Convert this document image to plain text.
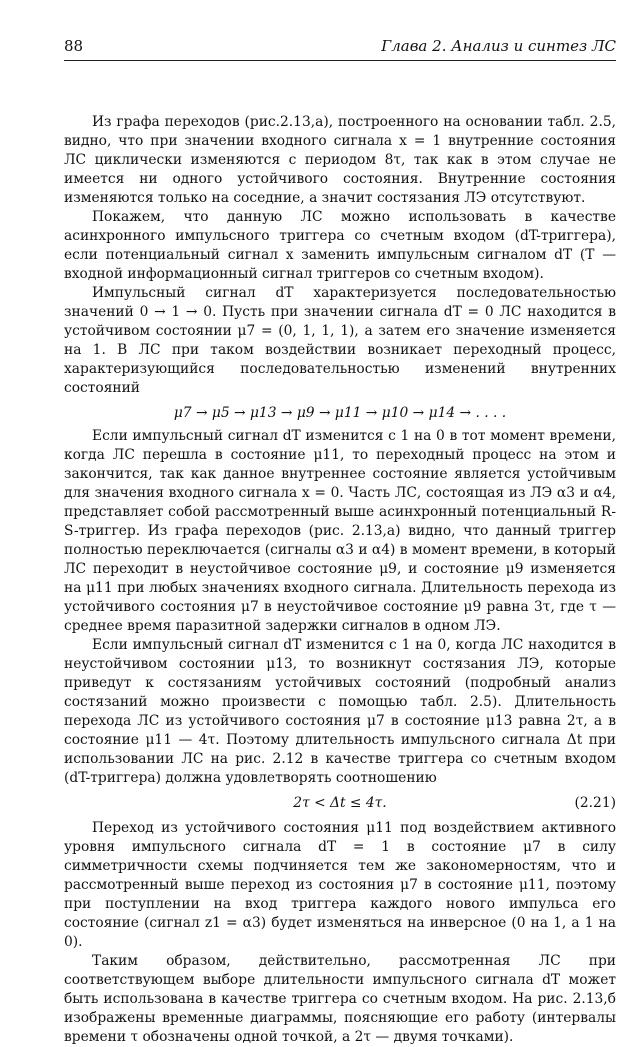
88	Глава 2. Анализ и синтез ЛС

Из графа переходов (рис.2.13,а), построенного на основании табл. 2.5, видно, что при значении входного сигнала x = 1 внутренние состояния ЛС циклически изменяются с периодом 8τ, так как в этом случае не имеется ни одного устойчивого состояния. Внутренние состояния изменяются только на соседние, а значит состязания ЛЭ отсутствуют.

Покажем, что данную ЛС можно использовать в качестве асинхронного импульсного триггера со счетным входом (dT-триггера), если потенциальный сигнал x заменить импульсным сигналом dT (T — входной информационный сигнал триггеров со счетным входом).

Импульсный сигнал dT характеризуется последовательностью значений 0 → 1 → 0. Пусть при значении сигнала dT = 0 ЛС находится в устойчивом состоянии μ7 = (0, 1, 1, 1), а затем его значение изменяется на 1. В ЛС при таком воздействии возникает переходный процесс, характеризующийся последовательностью изменений внутренних состояний

μ7 → μ5 → μ13 → μ9 → μ11 → μ10 → μ14 → . . . .

Если импульсный сигнал dT изменится с 1 на 0 в тот момент времени, когда ЛС перешла в состояние μ11, то переходный процесс на этом и закончится, так как данное внутреннее состояние является устойчивым для значения входного сигнала x = 0. Часть ЛС, состоящая из ЛЭ α3 и α4, представляет собой рассмотренный выше асинхронный потенциальный R-S-триггер. Из графа переходов (рис. 2.13,а) видно, что данный триггер полностью переключается (сигналы α3 и α4) в момент времени, в который ЛС переходит в неустойчивое состояние μ9, и состояние μ9 изменяется на μ11 при любых значениях входного сигнала. Длительность перехода из устойчивого состояния μ7 в неустойчивое состояние μ9 равна 3τ, где τ — среднее время паразитной задержки сигналов в одном ЛЭ.

Если импульсный сигнал dT изменится с 1 на 0, когда ЛС находится в неустойчивом состоянии μ13, то возникнут состязания ЛЭ, которые приведут к состязаниям устойчивых состояний (подробный анализ состязаний можно произвести с помощью табл. 2.5). Длительность перехода ЛС из устойчивого состояния μ7 в состояние μ13 равна 2τ, а в состояние μ11 — 4τ. Поэтому длительность импульсного сигнала Δt при использовании ЛС на рис. 2.12 в качестве триггера со счетным входом (dT-триггера) должна удовлетворять соотношению

2τ < Δt ≤ 4τ.	(2.21)

Переход из устойчивого состояния μ11 под воздействием активного уровня импульсного сигнала dT = 1 в состояние μ7 в силу симметричности схемы подчиняется тем же закономерностям, что и рассмотренный выше переход из состояния μ7 в состояние μ11, поэтому при поступлении на вход триггера каждого нового импульса его состояние (сигнал z1 = α3) будет изменяться на инверсное (0 на 1, а 1 на 0).

Таким образом, действительно, рассмотренная ЛС при соответствующем выборе длительности импульсного сигнала dT может быть использована в качестве триггера со счетным входом. На рис. 2.13,б изображены временные диаграммы, поясняющие его работу (интервалы времени τ обозначены одной точкой, а 2τ — двумя точками).
